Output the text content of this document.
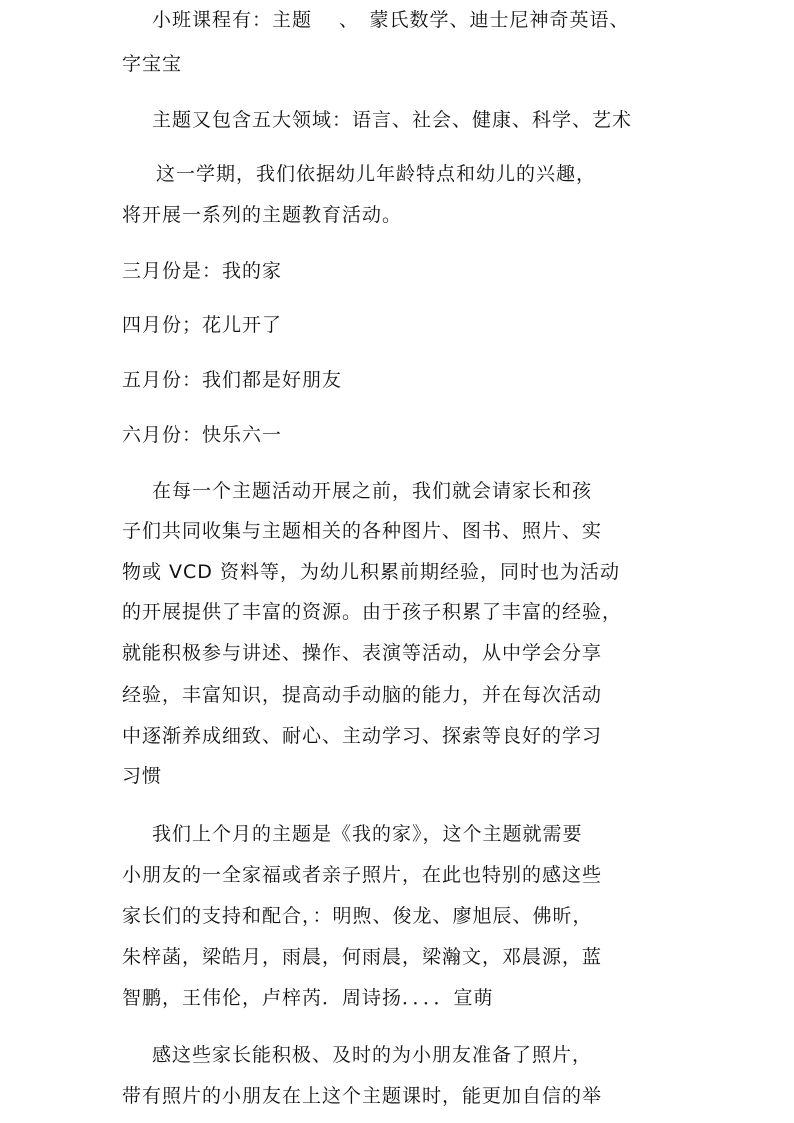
小班课程有：主题　 、　蒙氏数学、迪士尼神奇英语、
字宝宝
主题又包含五大领域：语言、社会、健康、科学、艺术
这一学期，我们依据幼儿年龄特点和幼儿的兴趣，
将开展一系列的主题教育活动。
三月份是：我的家
四月份；花儿开了
五月份：我们都是好朋友
六月份：快乐六一
在每一个主题活动开展之前，我们就会请家长和孩
子们共同收集与主题相关的各种图片、图书、照片、实
物或 VCD 资料等，为幼儿积累前期经验，同时也为活动
的开展提供了丰富的资源。由于孩子积累了丰富的经验，
就能积极参与讲述、操作、表演等活动，从中学会分享
经验，丰富知识，提高动手动脑的能力，并在每次活动
中逐渐养成细致、耐心、主动学习、探索等良好的学习
习惯
我们上个月的主题是《我的家》，这个主题就需要
小朋友的一全家福或者亲子照片，在此也特别的感这些
家长们的支持和配合，：明煦、俊龙、廖旭辰、佛昕，
朱梓菡，梁皓月，雨晨，何雨晨，梁瀚文，邓晨源，蓝
智鹏，王伟伦，卢梓芮．周诗扬．．．．宣萌
感这些家长能积极、及时的为小朋友准备了照片，
带有照片的小朋友在上这个主题课时，能更加自信的举
